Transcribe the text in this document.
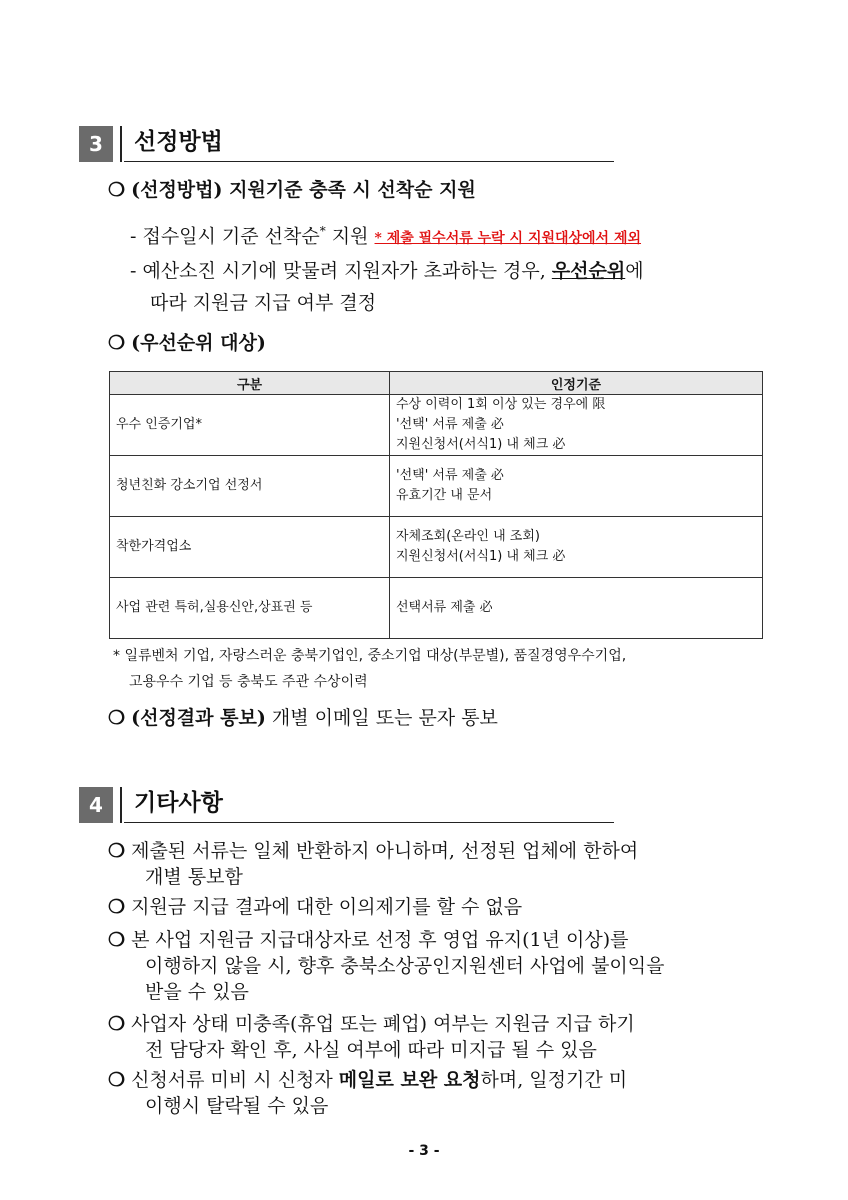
3	선정방법
❍ (선정방법) 지원기준 충족 시 선착순 지원
- 접수일시 기준 선착순* 지원 * 제출 필수서류 누락 시 지원대상에서 제외
- 예산소진 시기에 맞물려 지원자가 초과하는 경우, 우선순위에
따라 지원금 지급 여부 결정
❍ (우선순위 대상)
구분	인정기준
우수 인증기업*	수상 이력이 1회 이상 있는 경우에 限
'선택' 서류 제출 必
지원신청서(서식1) 내 체크 必

청년친화 강소기업 선정서	'선택' 서류 제출 必
유효기간 내 문서

착한가격업소	자체조회(온라인 내 조회)
지원신청서(서식1) 내 체크 必

사업 관련 특허,실용신안,상표권 등	선택서류 제출 必
* 일류벤처 기업, 자랑스러운 충북기업인, 중소기업 대상(부문별), 품질경영우수기업,
고용우수 기업 등 충북도 주관 수상이력
❍ (선정결과 통보) 개별 이메일 또는 문자 통보
4	기타사항
❍ 제출된 서류는 일체 반환하지 아니하며, 선정된 업체에 한하여
개별 통보함
❍ 지원금 지급 결과에 대한 이의제기를 할 수 없음
❍ 본 사업 지원금 지급대상자로 선정 후 영업 유지(1년 이상)를
이행하지 않을 시, 향후 충북소상공인지원센터 사업에 불이익을
받을 수 있음
❍ 사업자 상태 미충족(휴업 또는 폐업) 여부는 지원금 지급 하기
전 담당자 확인 후, 사실 여부에 따라 미지급 될 수 있음
❍ 신청서류 미비 시 신청자 메일로 보완 요청하며, 일정기간 미
이행시 탈락될 수 있음
- 3 -
